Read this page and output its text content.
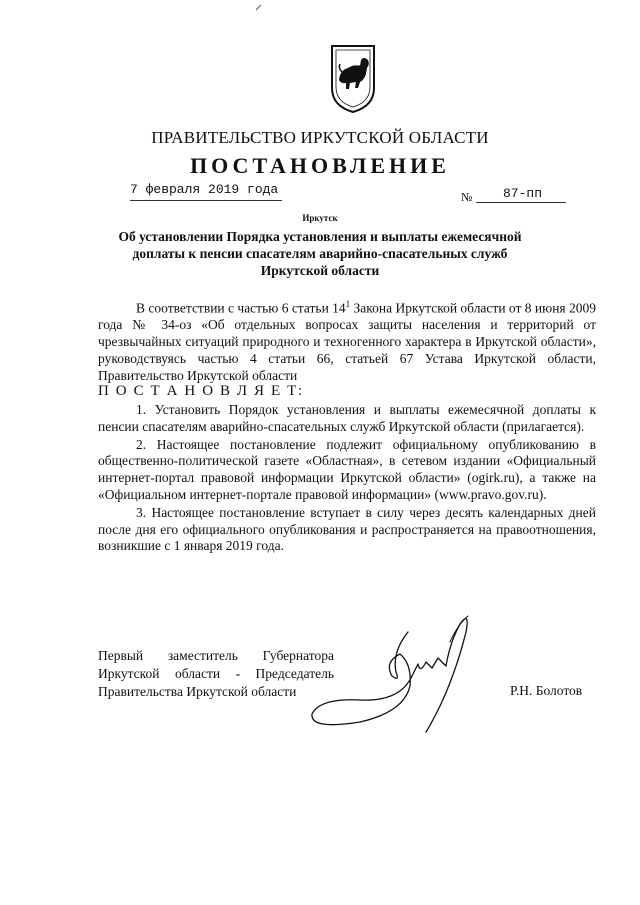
ПРАВИТЕЛЬСТВО ИРКУТСКОЙ ОБЛАСТИ
ПОСТАНОВЛЕНИЕ
7 февраля 2019 года	№ 87-пп
Иркутск
Об установлении Порядка установления и выплаты ежемесячной
доплаты к пенсии спасателям аварийно-спасательных служб
Иркутской области

В соответствии с частью 6 статьи $14^1$ Закона Иркутской области от 8 июня 2009 года № 34-оз «Об отдельных вопросах защиты населения и территорий от чрезвычайных ситуаций природного и техногенного характера в Иркутской области», руководствуясь частью 4 статьи 66, статьей 67 Устава Иркутской области, Правительство Иркутской области

П О С Т А Н О В Л Я Е Т:

1. Установить Порядок установления и выплаты ежемесячной доплаты к пенсии спасателям аварийно-спасательных служб Иркутской области (прилагается).

2. Настоящее постановление подлежит официальному опубликованию в общественно-политической газете «Областная», в сетевом издании «Официальный интернет-портал правовой информации Иркутской области» (ogirk.ru), а также на «Официальном интернет-портале правовой информации» (www.pravo.gov.ru).

3. Настоящее постановление вступает в силу через десять календарных дней после дня его официального опубликования и распространяется на правоотношения, возникшие с 1 января 2019 года.

Первый заместитель Губернатора
Иркутской области - Председатель
Правительства Иркутской области	Р.Н. Болотов
